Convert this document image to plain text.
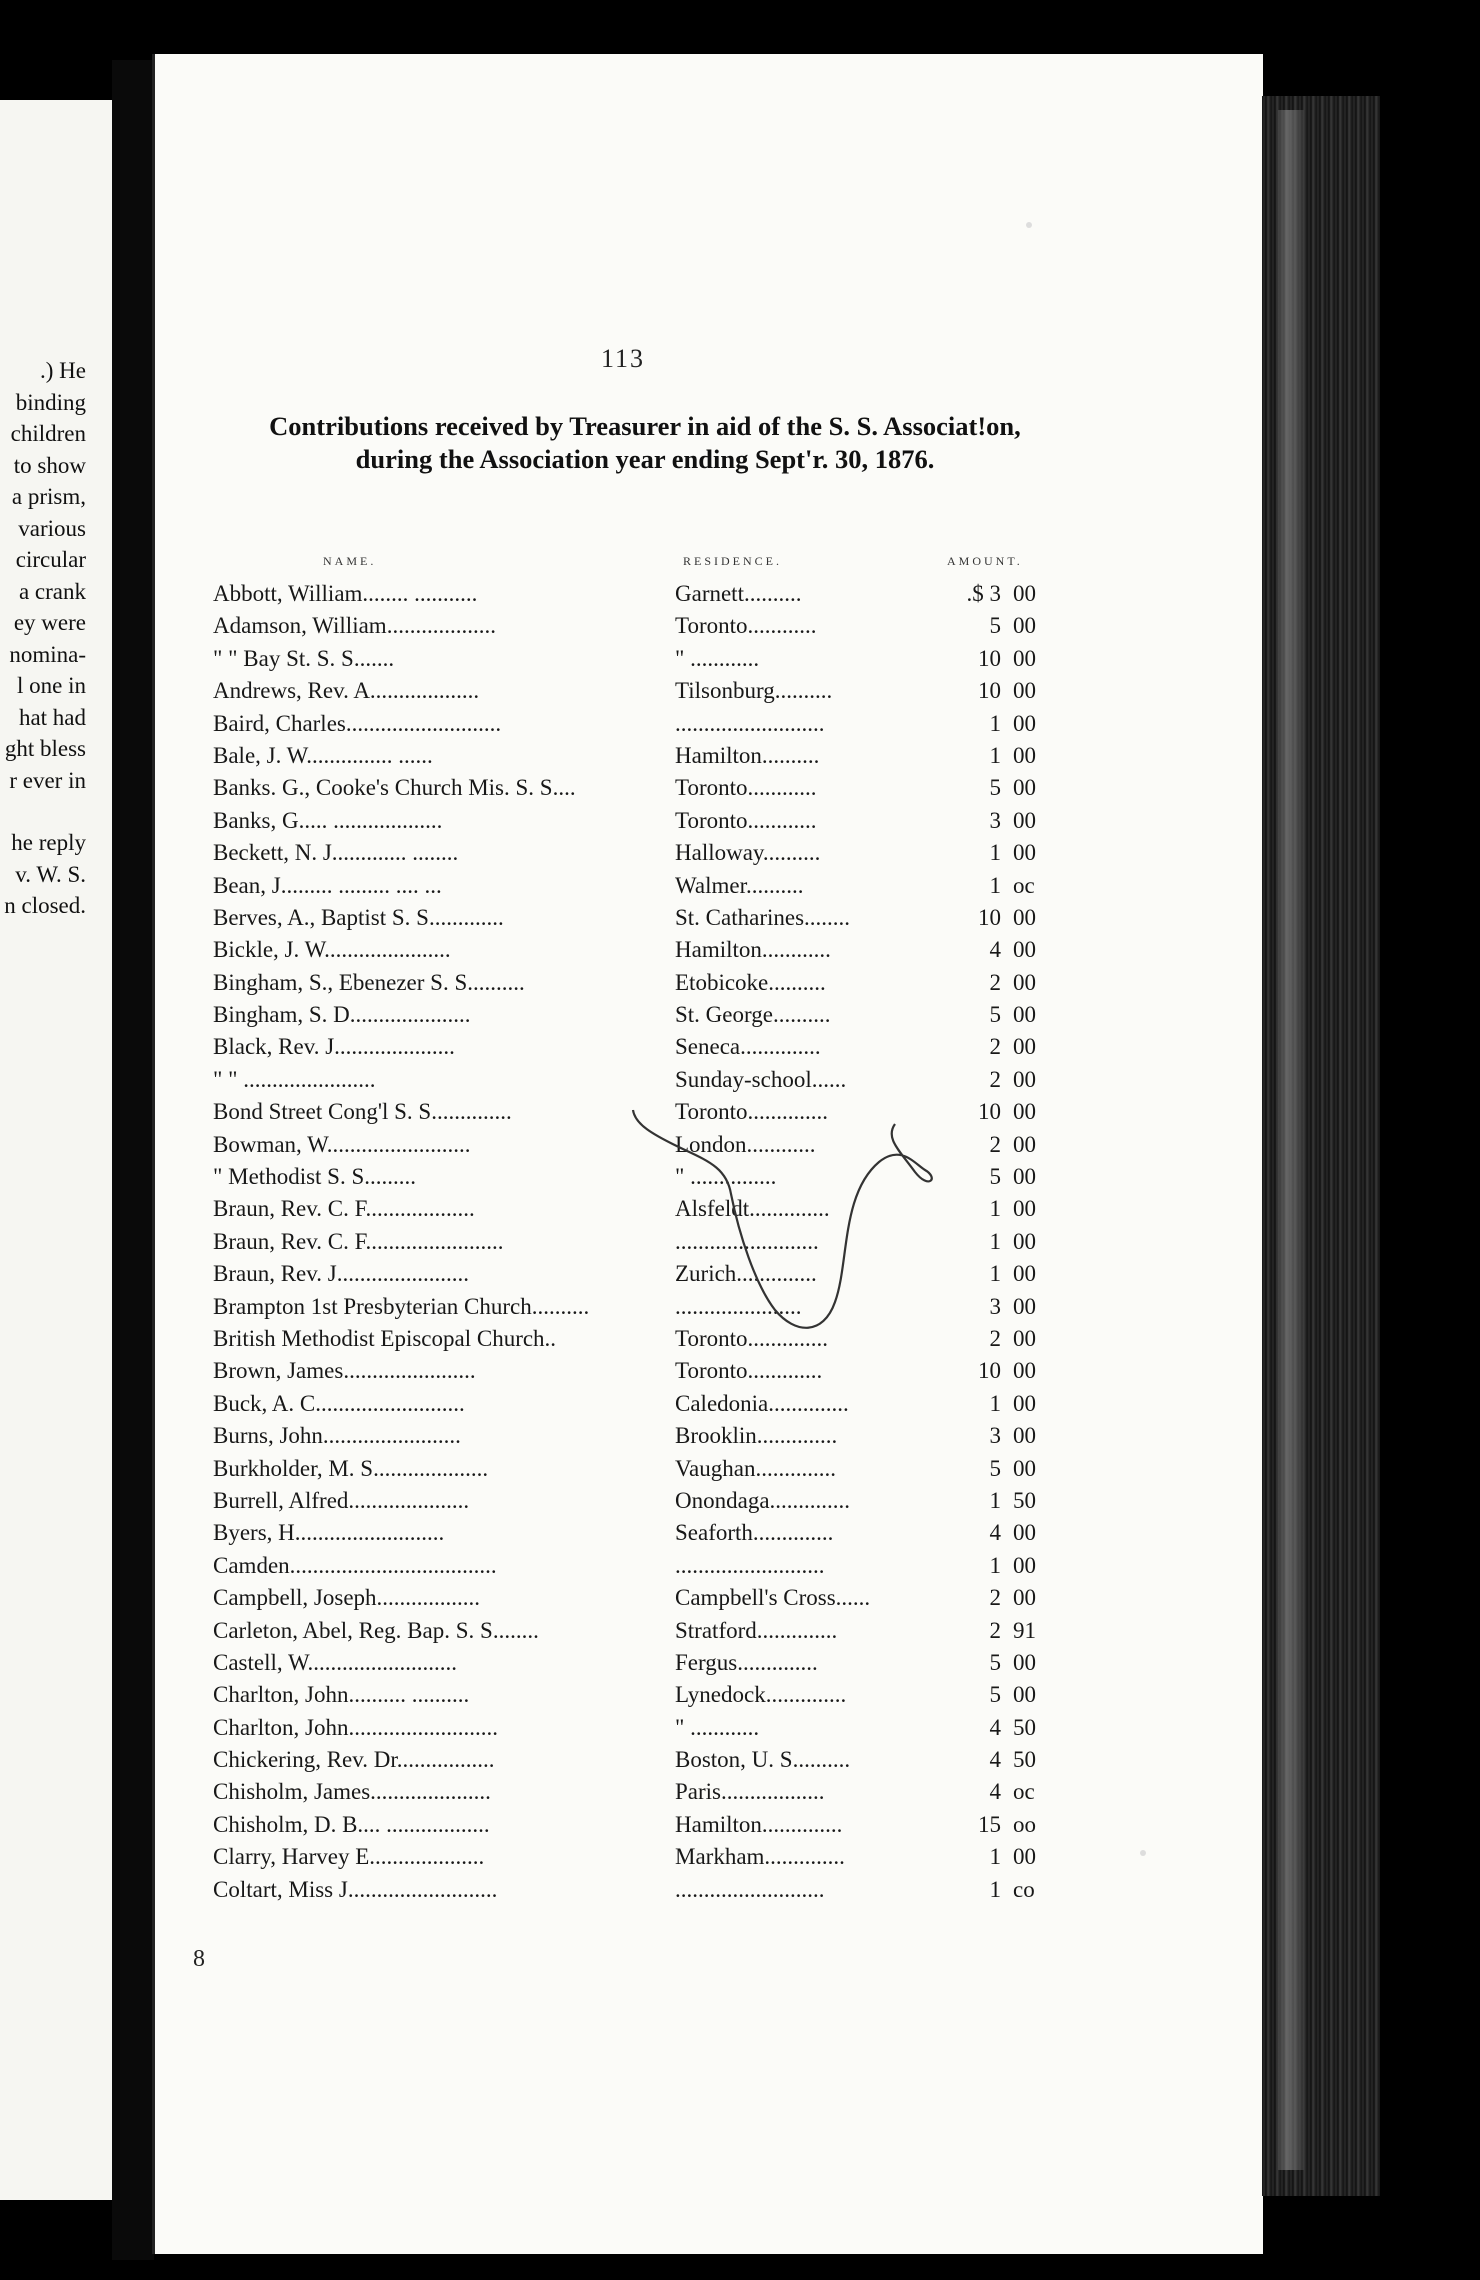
.) He
binding
children
to show
a prism,
various
circular
a crank
ey were
nomina-
l one in
hat had
ght bless
r ever in
he reply
v. W. S.
n closed.
113
Contributions received by Treasurer in aid of the S. S. Associat!on,
during the Association year ending Sept'r. 30, 1876.
NAME.	RESIDENCE.	AMOUNT.
Abbott, William........ ...........	Garnett..........	.$ 3 00
Adamson, William...................	Toronto............	5 00
" " Bay St. S. S.......	" ............	10 00
Andrews, Rev. A...................	Tilsonburg..........	10 00
Baird, Charles...........................	..........................	1 00
Bale, J. W............... ......	Hamilton..........	1 00
Banks. G., Cooke's Church Mis. S. S....	Toronto............	5 00
Banks, G..... ...................	Toronto............	3 00
Beckett, N. J............. ........	Halloway..........	1 00
Bean, J......... ......... .... ...	Walmer..........	1 oc
Berves, A., Baptist S. S.............	St. Catharines........	10 00
Bickle, J. W......................	Hamilton............	4 00
Bingham, S., Ebenezer S. S..........	Etobicoke..........	2 00
Bingham, S. D.....................	St. George..........	5 00
Black, Rev. J.....................	Seneca..............	2 00
" " .......................	Sunday-school......	2 00
Bond Street Cong'l S. S..............	Toronto..............	10 00
Bowman, W.........................	London............	2 00
" Methodist S. S.........	" ...............	5 00
Braun, Rev. C. F...................	Alsfeldt..............	1 00
Braun, Rev. C. F........................	.........................	1 00
Braun, Rev. J.......................	Zurich..............	1 00
Brampton 1st Presbyterian Church..........	......................	3 00
British Methodist Episcopal Church..	Toronto..............	2 00
Brown, James.......................	Toronto.............	10 00
Buck, A. C..........................	Caledonia..............	1 00
Burns, John........................	Brooklin..............	3 00
Burkholder, M. S....................	Vaughan..............	5 00
Burrell, Alfred.....................	Onondaga..............	1 50
Byers, H..........................	Seaforth..............	4 00
Camden....................................	..........................	1 00
Campbell, Joseph..................	Campbell's Cross......	2 00
Carleton, Abel, Reg. Bap. S. S........	Stratford..............	2 91
Castell, W..........................	Fergus..............	5 00
Charlton, John.......... ..........	Lynedock..............	5 00
Charlton, John..........................	" ............	4 50
Chickering, Rev. Dr.................	Boston, U. S..........	4 50
Chisholm, James.....................	Paris..................	4 oc
Chisholm, D. B.... ..................	Hamilton..............	15 oo
Clarry, Harvey E....................	Markham..............	1 00
Coltart, Miss J..........................	..........................	1 co
8
